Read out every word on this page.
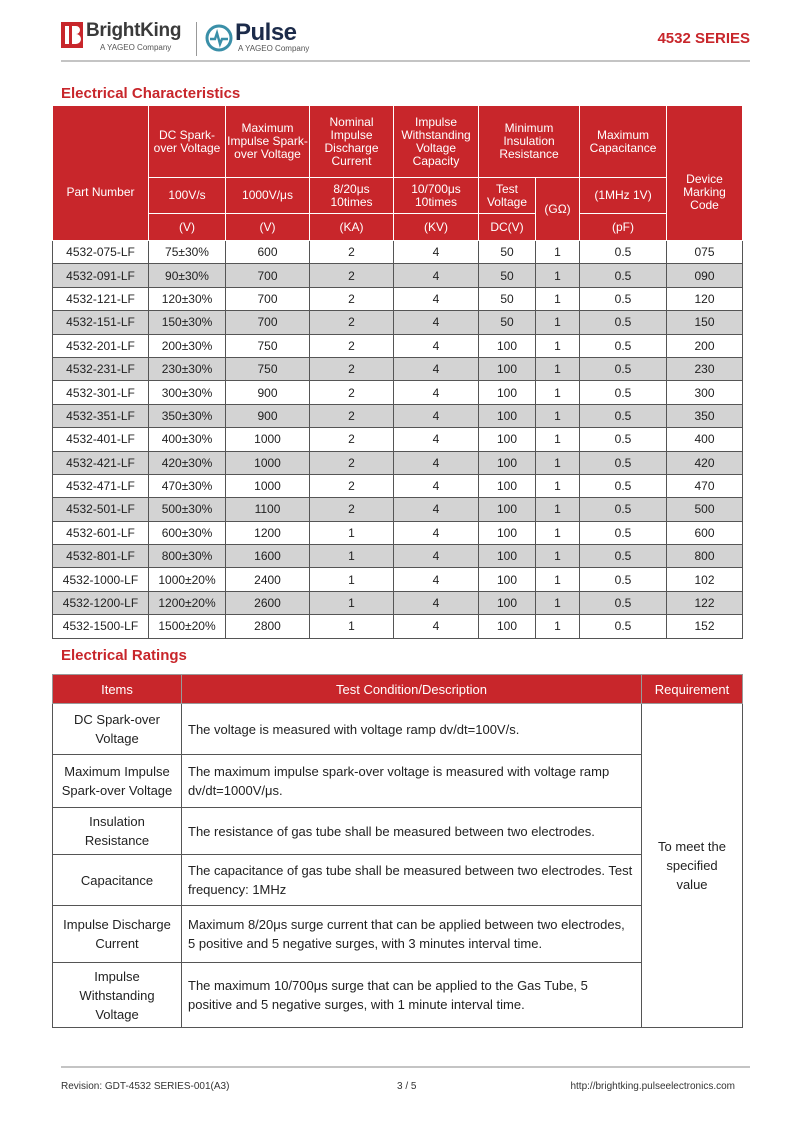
BrightKing
A YAGEO Company
Pulse
A YAGEO Company
4532 SERIES
Electrical Characteristics
Part Number	DC Spark-over Voltage	Maximum Impulse Spark-over Voltage	Nominal Impulse Discharge Current	Impulse Withstanding Voltage Capacity	Minimum Insulation Resistance		Maximum Capacitance	Device Marking Code
	100V/s	1000V/μs	8/20μs 10times	10/700μs 10times	Test Voltage	(GΩ)	(1MHz 1V)	
	(V)	(V)	(KA)	(KV)	DC(V)		(pF)	
4532-075-LF	75±30%	600	2	4	50	1	0.5	075
4532-091-LF	90±30%	700	2	4	50	1	0.5	090
4532-121-LF	120±30%	700	2	4	50	1	0.5	120
4532-151-LF	150±30%	700	2	4	50	1	0.5	150
4532-201-LF	200±30%	750	2	4	100	1	0.5	200
4532-231-LF	230±30%	750	2	4	100	1	0.5	230
4532-301-LF	300±30%	900	2	4	100	1	0.5	300
4532-351-LF	350±30%	900	2	4	100	1	0.5	350
4532-401-LF	400±30%	1000	2	4	100	1	0.5	400
4532-421-LF	420±30%	1000	2	4	100	1	0.5	420
4532-471-LF	470±30%	1000	2	4	100	1	0.5	470
4532-501-LF	500±30%	1100	2	4	100	1	0.5	500
4532-601-LF	600±30%	1200	1	4	100	1	0.5	600
4532-801-LF	800±30%	1600	1	4	100	1	0.5	800
4532-1000-LF	1000±20%	2400	1	4	100	1	0.5	102
4532-1200-LF	1200±20%	2600	1	4	100	1	0.5	122
4532-1500-LF	1500±20%	2800	1	4	100	1	0.5	152
Electrical Ratings
Items	Test Condition/Description	Requirement
DC Spark-over Voltage	The voltage is measured with voltage ramp dv/dt=100V/s.	To meet the specified value
Maximum Impulse Spark-over Voltage	The maximum impulse spark-over voltage is measured with voltage ramp dv/dt=1000V/μs.	
Insulation Resistance	The resistance of gas tube shall be measured between two electrodes.	
Capacitance	The capacitance of gas tube shall be measured between two electrodes. Test frequency: 1MHz	
Impulse Discharge Current	Maximum 8/20μs surge current that can be applied between two electrodes, 5 positive and 5 negative surges, with 3 minutes interval time.	
Impulse Withstanding Voltage	The maximum 10/700μs surge that can be applied to the Gas Tube, 5 positive and 5 negative surges, with 1 minute interval time.	
Revision: GDT-4532 SERIES-001(A3)	3 / 5	http://brightking.pulseelectronics.com
